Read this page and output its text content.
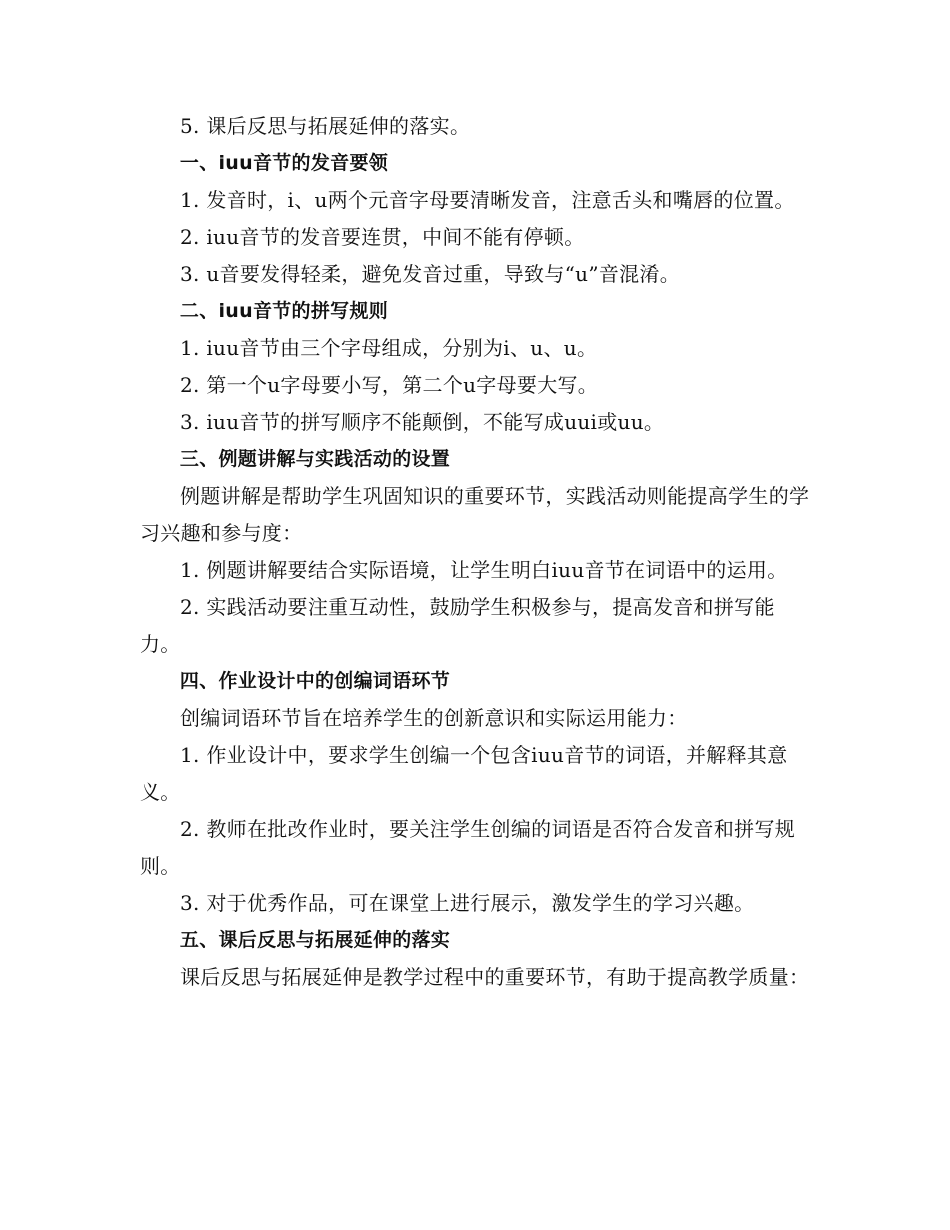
5. 课后反思与拓展延伸的落实。

一、iuu音节的发音要领

1. 发音时，i、u两个元音字母要清晰发音，注意舌头和嘴唇的位置。

2. iuu音节的发音要连贯，中间不能有停顿。

3. u音要发得轻柔，避免发音过重，导致与“u”音混淆。

二、iuu音节的拼写规则

1. iuu音节由三个字母组成，分别为i、u、u。

2. 第一个u字母要小写，第二个u字母要大写。

3. iuu音节的拼写顺序不能颠倒，不能写成uui或uu。

三、例题讲解与实践活动的设置

例题讲解是帮助学生巩固知识的重要环节，实践活动则能提高学生的学习兴趣和参与度：

1. 例题讲解要结合实际语境，让学生明白iuu音节在词语中的运用。

2. 实践活动要注重互动性，鼓励学生积极参与，提高发音和拼写能力。

四、作业设计中的创编词语环节

创编词语环节旨在培养学生的创新意识和实际运用能力：

1. 作业设计中，要求学生创编一个包含iuu音节的词语，并解释其意义。

2. 教师在批改作业时，要关注学生创编的词语是否符合发音和拼写规则。

3. 对于优秀作品，可在课堂上进行展示，激发学生的学习兴趣。

五、课后反思与拓展延伸的落实

课后反思与拓展延伸是教学过程中的重要环节，有助于提高教学质量：
